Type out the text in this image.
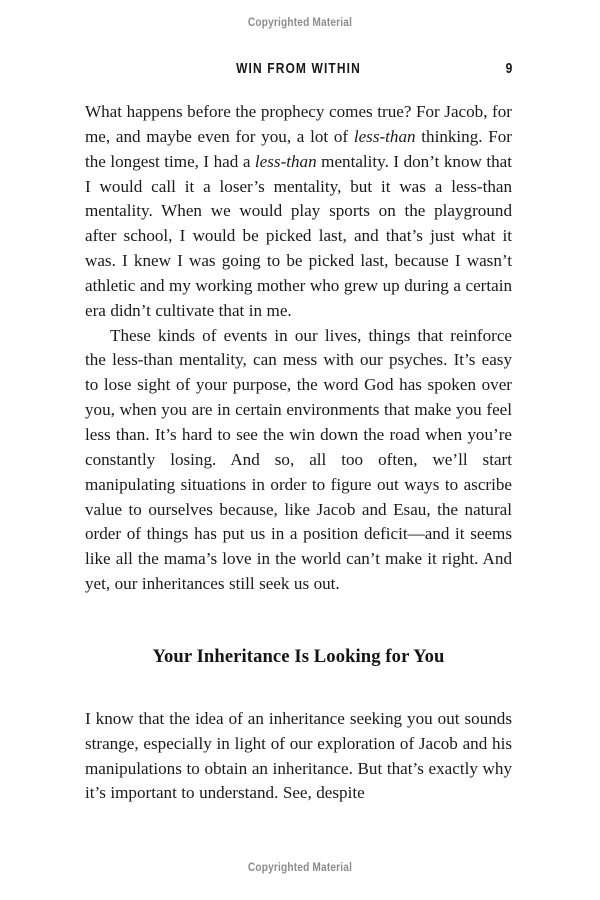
Copyrighted Material
WIN FROM WITHIN	9

What happens before the prophecy comes true? For Jacob, for me, and maybe even for you, a lot of less-than thinking. For the longest time, I had a less-than mentality. I don’t know that I would call it a loser’s mentality, but it was a less-than mentality. When we would play sports on the playground after school, I would be picked last, and that’s just what it was. I knew I was going to be picked last, because I wasn’t athletic and my working mother who grew up during a certain era didn’t cultivate that in me.

These kinds of events in our lives, things that reinforce the less-than mentality, can mess with our psyches. It’s easy to lose sight of your purpose, the word God has spoken over you, when you are in certain environments that make you feel less than. It’s hard to see the win down the road when you’re constantly losing. And so, all too often, we’ll start manipulating situations in order to figure out ways to ascribe value to ourselves because, like Jacob and Esau, the natural order of things has put us in a position deficit—and it seems like all the mama’s love in the world can’t make it right. And yet, our inheritances still seek us out.

Your Inheritance Is Looking for You

I know that the idea of an inheritance seeking you out sounds strange, especially in light of our exploration of Jacob and his manipulations to obtain an inheritance. But that’s exactly why it’s important to understand. See, despite

Copyrighted Material
